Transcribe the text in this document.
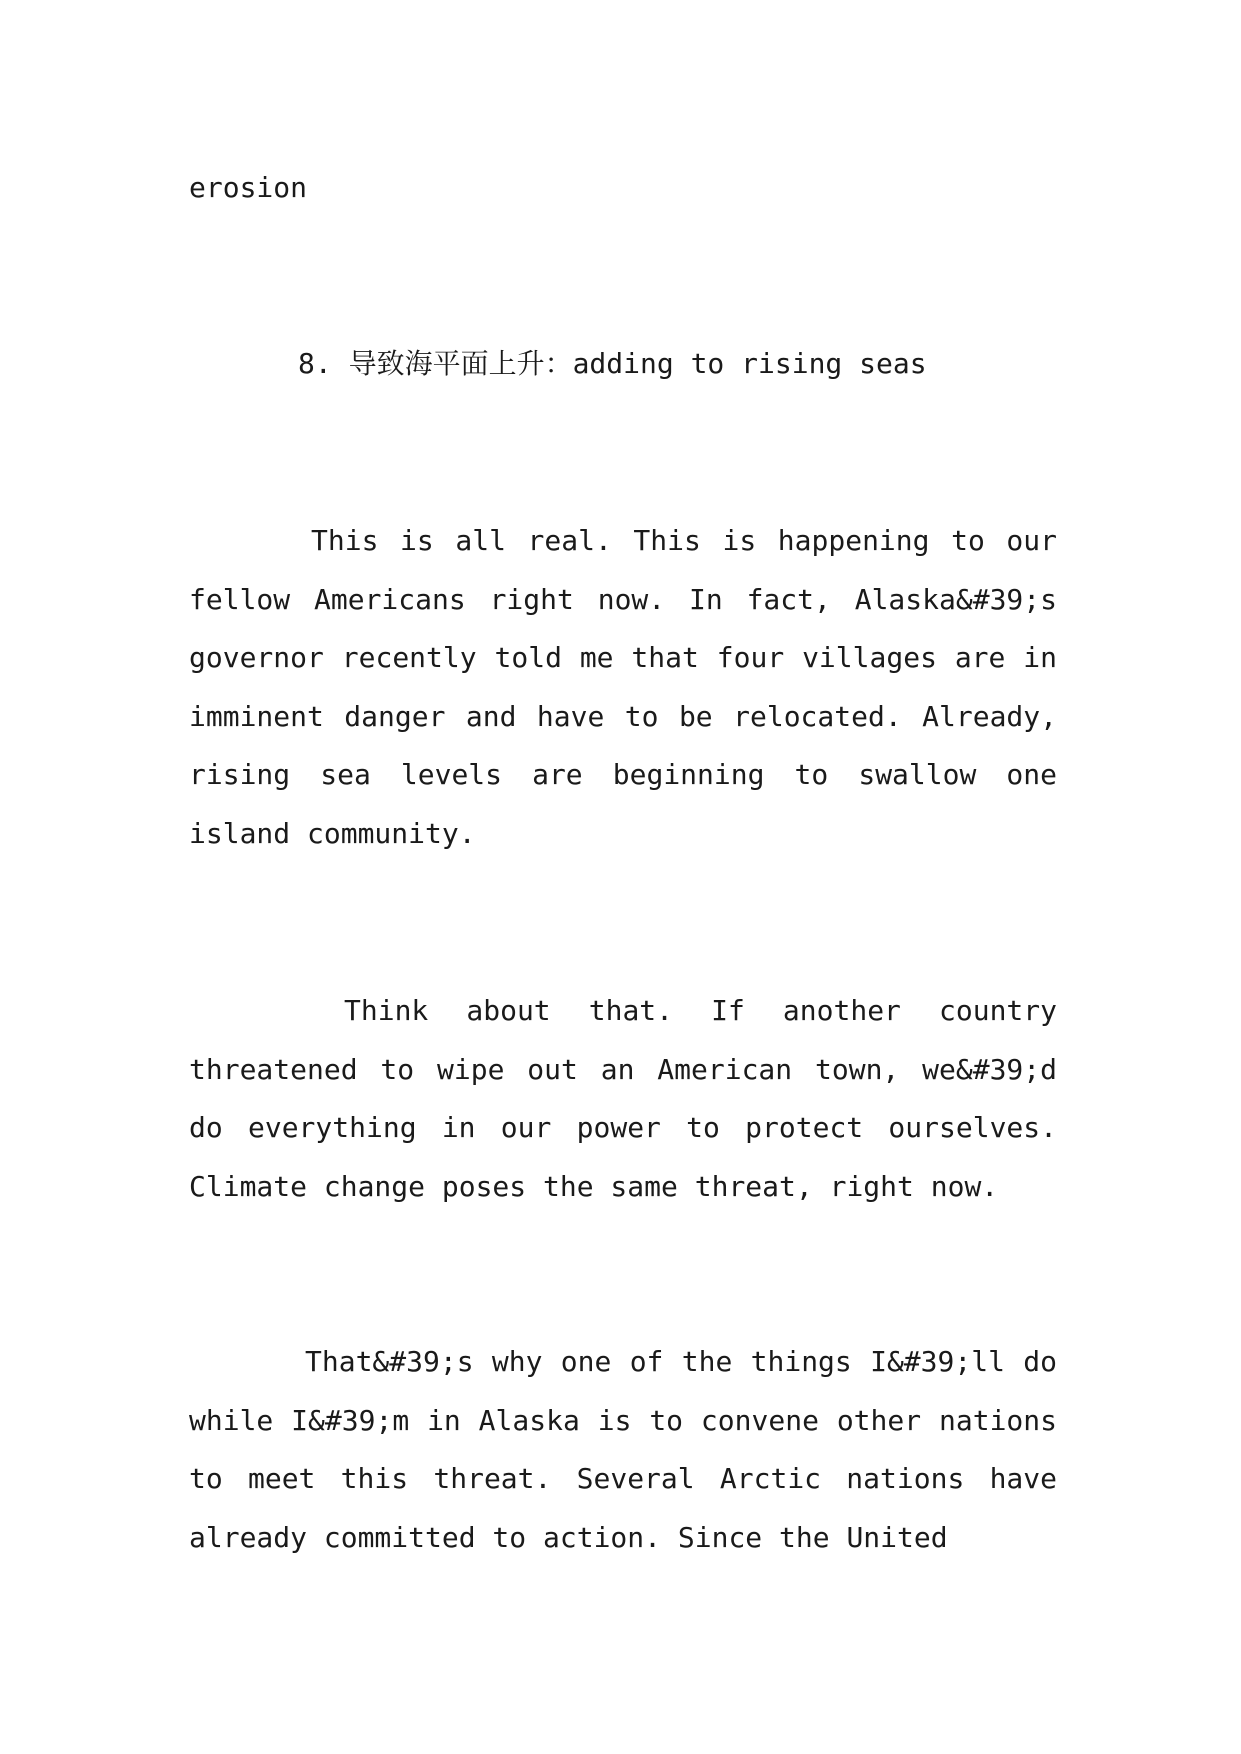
erosion
8. 导致海平面上升：adding to rising seas

This is all real. This is happening to our fellow Americans right now. In fact, Alaska&#39;s governor recently told me that four villages are in imminent danger and have to be relocated. Already, rising sea levels are beginning to swallow one island community.

Think about that. If another country threatened to wipe out an American town, we&#39;d do everything in our power to protect ourselves. Climate change poses the same threat, right now.

That&#39;s why one of the things I&#39;ll do while I&#39;m in Alaska is to convene other nations to meet this threat. Several Arctic nations have already committed to action. Since the United
